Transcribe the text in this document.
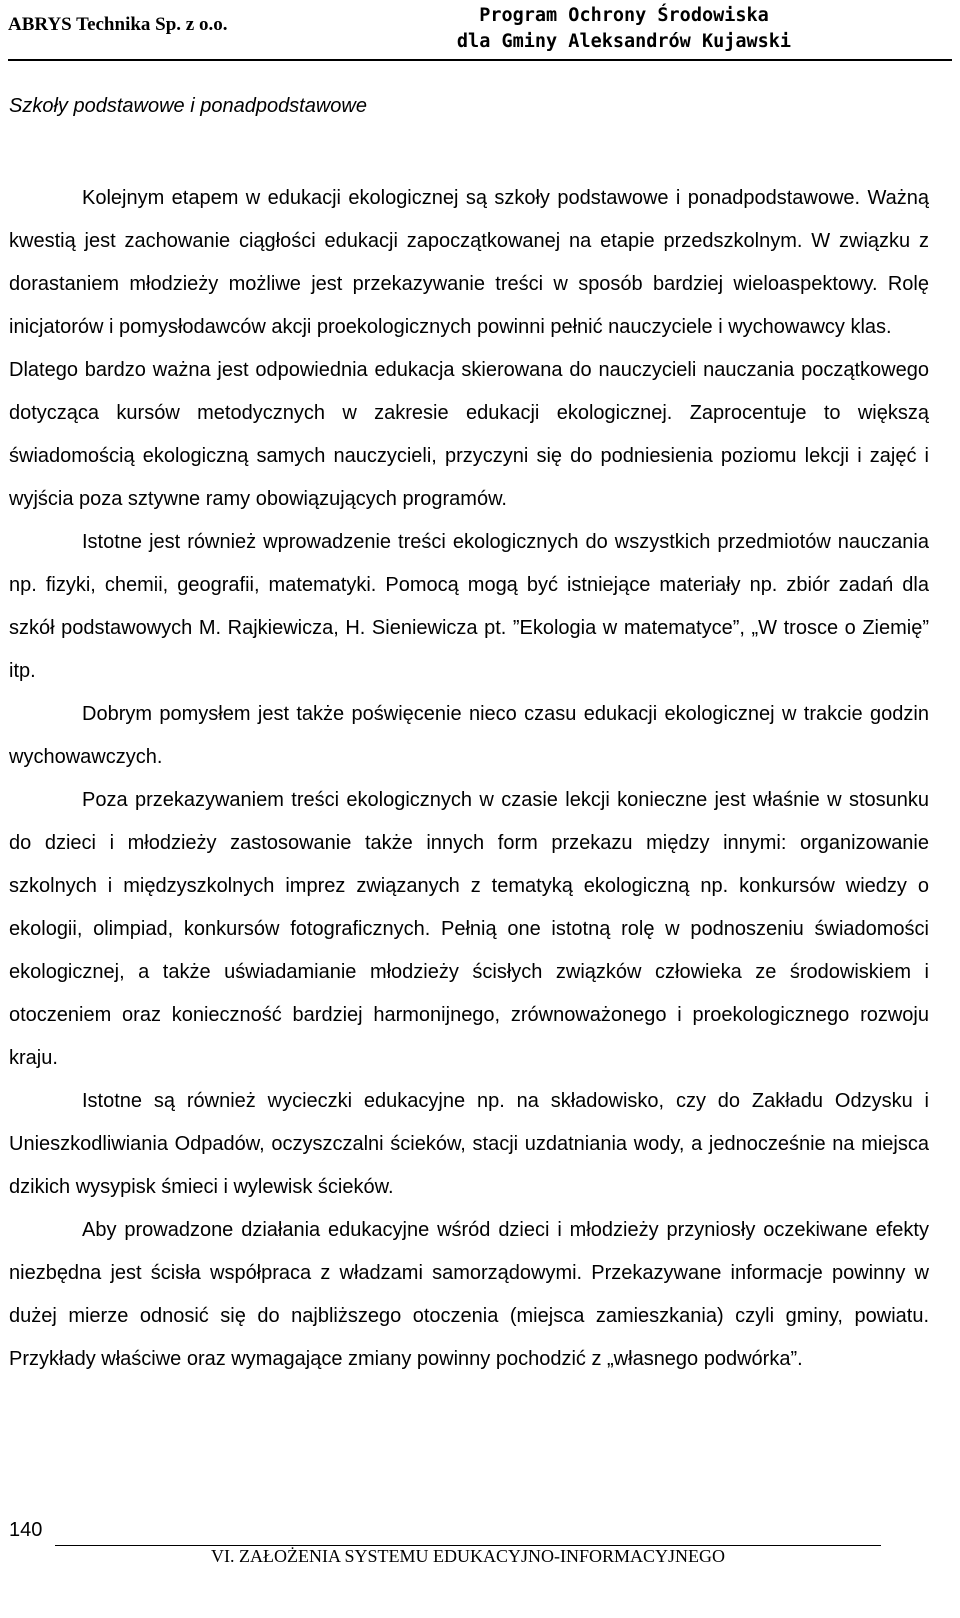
ABRYS Technika Sp. z o.o.	Program Ochrony Środowiska
dla Gminy Aleksandrów Kujawski
Szkoły podstawowe i ponadpodstawowe

Kolejnym etapem w edukacji ekologicznej są szkoły podstawowe i ponadpodstawowe. Ważną kwestią jest zachowanie ciągłości edukacji zapoczątkowanej na etapie przedszkolnym. W związku z dorastaniem młodzieży możliwe jest przekazywanie treści w sposób bardziej wieloaspektowy. Rolę inicjatorów i pomysłodawców akcji proekologicznych powinni pełnić nauczyciele i wychowawcy klas.

Dlatego bardzo ważna jest odpowiednia edukacja skierowana do nauczycieli nauczania początkowego dotycząca kursów metodycznych w zakresie edukacji ekologicznej. Zaprocentuje to większą świadomością ekologiczną samych nauczycieli, przyczyni się do podniesienia poziomu lekcji i zajęć i wyjścia poza sztywne ramy obowiązujących programów.

Istotne jest również wprowadzenie treści ekologicznych do wszystkich przedmiotów nauczania np. fizyki, chemii, geografii, matematyki. Pomocą mogą być istniejące materiały np. zbiór zadań dla szkół podstawowych M. Rajkiewicza, H. Sieniewicza pt. ”Ekologia w matematyce”, „W trosce o Ziemię” itp.

Dobrym pomysłem jest także poświęcenie nieco czasu edukacji ekologicznej w trakcie godzin wychowawczych.

Poza przekazywaniem treści ekologicznych w czasie lekcji konieczne jest właśnie w stosunku do dzieci i młodzieży zastosowanie także innych form przekazu między innymi: organizowanie szkolnych i międzyszkolnych imprez związanych z tematyką ekologiczną np. konkursów wiedzy o ekologii, olimpiad, konkursów fotograficznych. Pełnią one istotną rolę w podnoszeniu świadomości ekologicznej, a także uświadamianie młodzieży ścisłych związków człowieka ze środowiskiem i otoczeniem oraz konieczność bardziej harmonijnego, zrównoważonego i proekologicznego rozwoju kraju.

Istotne są również wycieczki edukacyjne np. na składowisko, czy do Zakładu Odzysku i Unieszkodliwiania Odpadów, oczyszczalni ścieków, stacji uzdatniania wody, a jednocześnie na miejsca dzikich wysypisk śmieci i wylewisk ścieków.

Aby prowadzone działania edukacyjne wśród dzieci i młodzieży przyniosły oczekiwane efekty niezbędna jest ścisła współpraca z władzami samorządowymi. Przekazywane informacje powinny w dużej mierze odnosić się do najbliższego otoczenia (miejsca zamieszkania) czyli gminy, powiatu. Przykłady właściwe oraz wymagające zmiany powinny pochodzić z „własnego podwórka”.

140
VI. ZAŁOŻENIA SYSTEMU EDUKACYJNO-INFORMACYJNEGO
